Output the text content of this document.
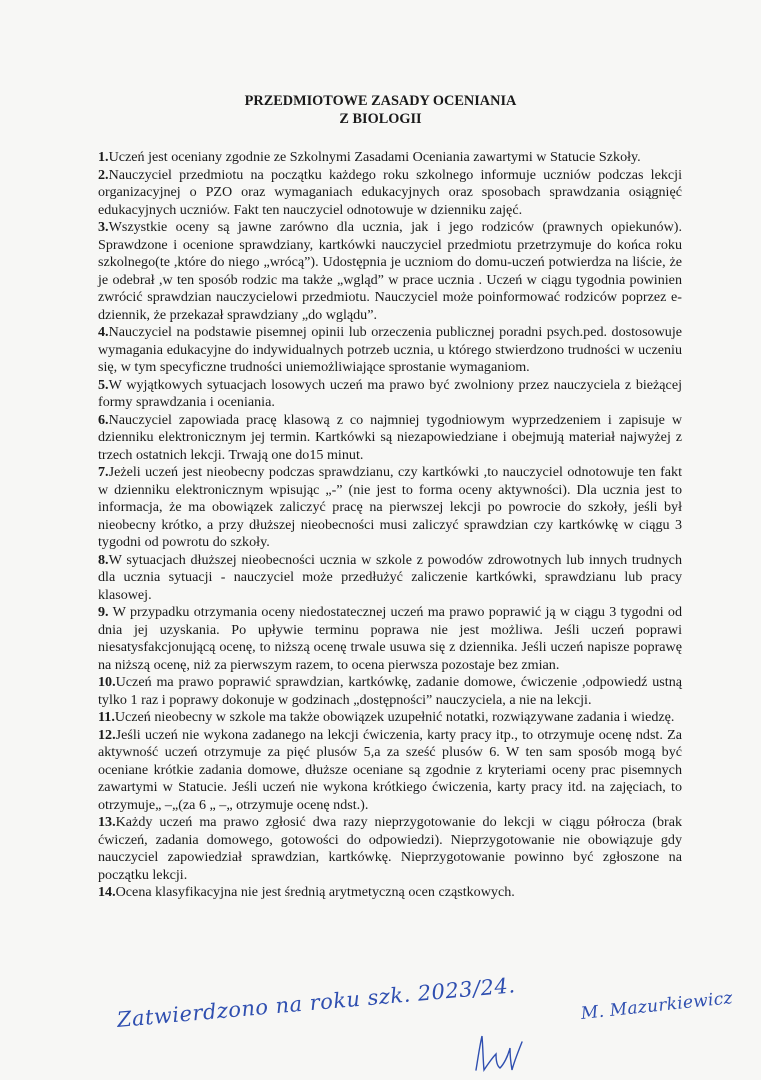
PRZEDMIOTOWE ZASADY OCENIANIA
Z BIOLOGII

1.Uczeń jest oceniany zgodnie ze Szkolnymi Zasadami Oceniania zawartymi w Statucie Szkoły.

2.Nauczyciel przedmiotu na początku każdego roku szkolnego informuje uczniów podczas lekcji organizacyjnej o PZO oraz wymaganiach edukacyjnych oraz sposobach sprawdzania osiągnięć edukacyjnych uczniów. Fakt ten nauczyciel odnotowuje w dzienniku zajęć.

3.Wszystkie oceny są jawne zarówno dla ucznia, jak i jego rodziców (prawnych opiekunów). Sprawdzone i ocenione sprawdziany, kartkówki nauczyciel przedmiotu przetrzymuje do końca roku szkolnego(te ,które do niego „wrócą”). Udostępnia je uczniom do domu-uczeń potwierdza na liście, że je odebrał ,w ten sposób rodzic ma także „wgląd” w prace ucznia . Uczeń w ciągu tygodnia powinien zwrócić sprawdzian nauczycielowi przedmiotu. Nauczyciel może poinformować rodziców poprzez e-dziennik, że przekazał sprawdziany „do wglądu”.

4.Nauczyciel na podstawie pisemnej opinii lub orzeczenia publicznej poradni psych.ped. dostosowuje wymagania edukacyjne do indywidualnych potrzeb ucznia, u którego stwierdzono trudności w uczeniu się, w tym specyficzne trudności uniemożliwiające sprostanie wymaganiom.

5.W wyjątkowych sytuacjach losowych uczeń ma prawo być zwolniony przez nauczyciela z bieżącej formy sprawdzania i oceniania.

6.Nauczyciel zapowiada pracę klasową z co najmniej tygodniowym wyprzedzeniem i zapisuje w dzienniku elektronicznym jej termin. Kartkówki są niezapowiedziane i obejmują materiał najwyżej z trzech ostatnich lekcji. Trwają one do15 minut.

7.Jeżeli uczeń jest nieobecny podczas sprawdzianu, czy kartkówki ,to nauczyciel odnotowuje ten fakt w dzienniku elektronicznym wpisując „-” (nie jest to forma oceny aktywności). Dla ucznia jest to informacja, że ma obowiązek zaliczyć pracę na pierwszej lekcji po powrocie do szkoły, jeśli był nieobecny krótko, a przy dłuższej nieobecności musi zaliczyć sprawdzian czy kartkówkę w ciągu 3 tygodni od powrotu do szkoły.

8.W sytuacjach dłuższej nieobecności ucznia w szkole z powodów zdrowotnych lub innych trudnych dla ucznia sytuacji - nauczyciel może przedłużyć zaliczenie kartkówki, sprawdzianu lub pracy klasowej.

9. W przypadku otrzymania oceny niedostatecznej uczeń ma prawo poprawić ją w ciągu 3 tygodni od dnia jej uzyskania. Po upływie terminu poprawa nie jest możliwa. Jeśli uczeń poprawi niesatysfakcjonującą ocenę, to niższą ocenę trwale usuwa się z dziennika. Jeśli uczeń napisze poprawę na niższą ocenę, niż za pierwszym razem, to ocena pierwsza pozostaje bez zmian.

10.Uczeń ma prawo poprawić sprawdzian, kartkówkę, zadanie domowe, ćwiczenie ,odpowiedź ustną tylko 1 raz i poprawy dokonuje w godzinach „dostępności” nauczyciela, a nie na lekcji.

11.Uczeń nieobecny w szkole ma także obowiązek uzupełnić notatki, rozwiązywane zadania i wiedzę.

12.Jeśli uczeń nie wykona zadanego na lekcji ćwiczenia, karty pracy itp., to otrzymuje ocenę ndst. Za aktywność uczeń otrzymuje za pięć plusów 5,a za sześć plusów 6. W ten sam sposób mogą być oceniane krótkie zadania domowe, dłuższe oceniane są zgodnie z kryteriami oceny prac pisemnych zawartymi w Statucie. Jeśli uczeń nie wykona krótkiego ćwiczenia, karty pracy itd. na zajęciach, to otrzymuje„ –„(za 6 „ –„ otrzymuje ocenę ndst.).

13.Każdy uczeń ma prawo zgłosić dwa razy nieprzygotowanie do lekcji w ciągu półrocza (brak ćwiczeń, zadania domowego, gotowości do odpowiedzi). Nieprzygotowanie nie obowiązuje gdy nauczyciel zapowiedział sprawdzian, kartkówkę. Nieprzygotowanie powinno być zgłoszone na początku lekcji.

14.Ocena klasyfikacyjna nie jest średnią arytmetyczną ocen cząstkowych.

Zatwierdzono na roku szk. 2023/24.	M. Mazurkiewicz
